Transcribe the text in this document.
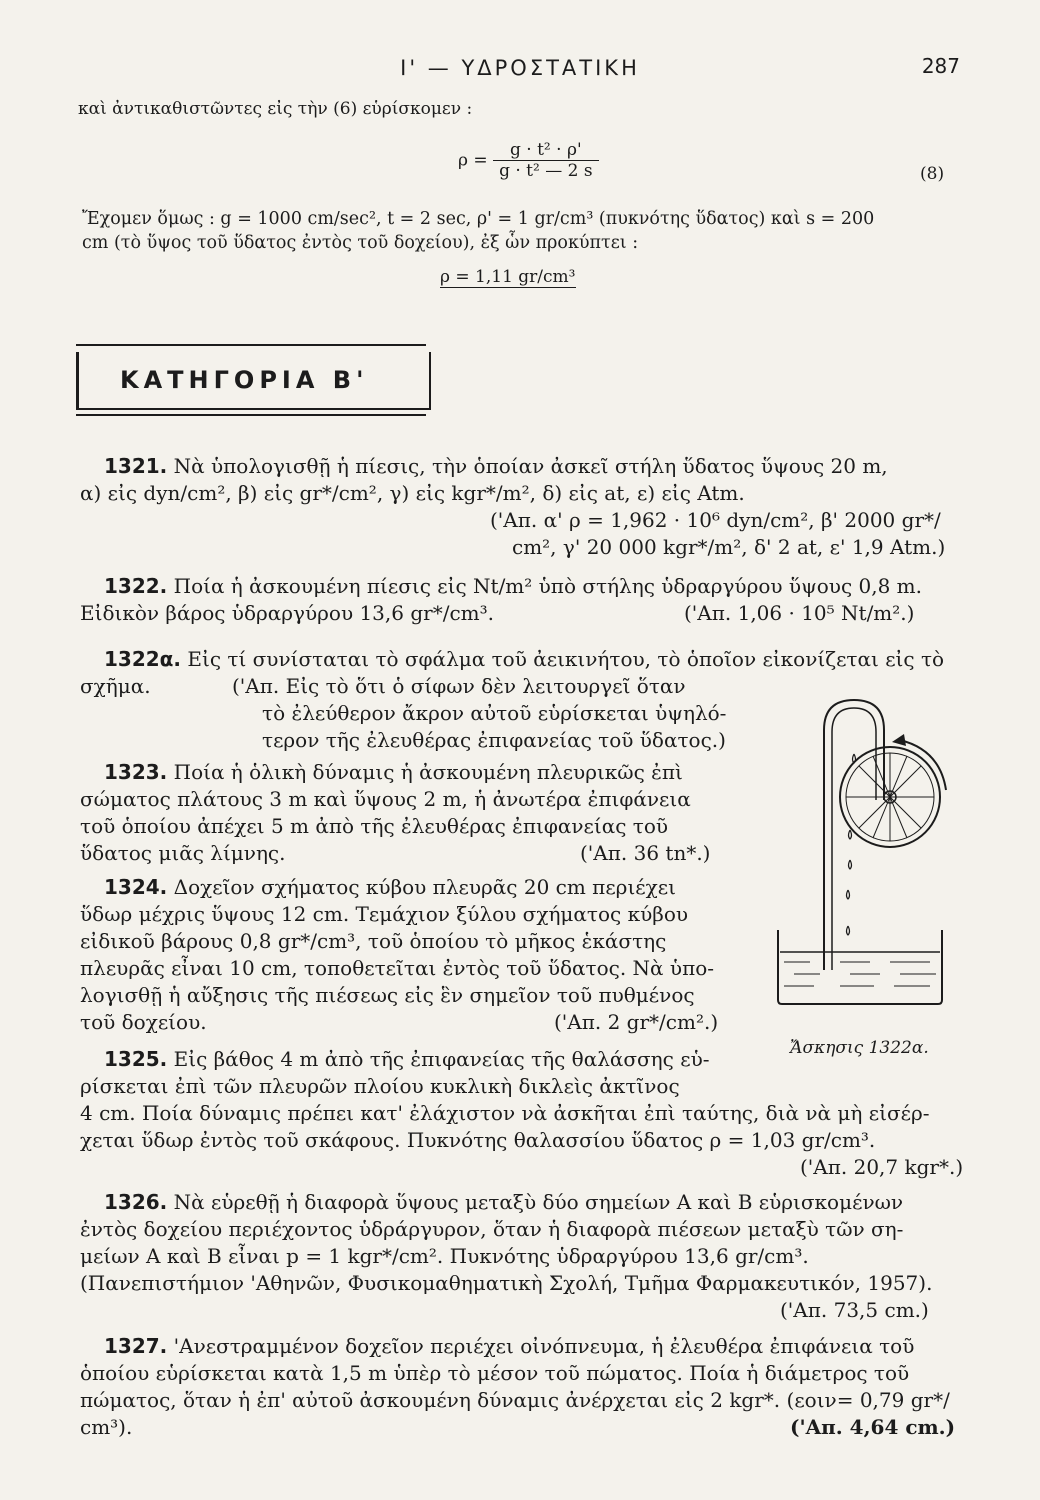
Ι' — ΥΔΡΟΣΤΑΤΙΚΗ	287
καὶ ἀντικαθιστῶντες εἰς τὴν (6) εὑρίσκομεν :
$\rho = \frac{\text{g · t² · ρ'}}{\text{g · t² — 2 s}}$	(8)
Ἔχομεν ὅμως : g = 1000 cm/sec², t = 2 sec, ρ' = 1 gr/cm³ (πυκνότης ὕδατος) καὶ s = 200
cm (τὸ ὕψος τοῦ ὕδατος ἐντὸς τοῦ δοχείου), ἐξ ὧν προκύπτει :
ρ = 1,11 gr/cm³
ΚΑΤΗΓΟΡΙΑ Β'
1321. Νὰ ὑπολογισθῇ ἡ πίεσις, τὴν ὁποίαν ἀσκεῖ στήλη ὕδατος ὕψους 20 m,
α) εἰς dyn/cm², β) εἰς gr*/cm², γ) εἰς kgr*/m², δ) εἰς at, ε) εἰς Atm.
('Απ. α' ρ = 1,962 · 10⁶ dyn/cm², β' 2000 gr*/
cm², γ' 20 000 kgr*/m², δ' 2 at, ε' 1,9 Atm.)
1322. Ποία ἡ ἀσκουμένη πίεσις εἰς Nt/m² ὑπὸ στήλης ὑδραργύρου ὕψους 0,8 m.
Εἰδικὸν βάρος ὑδραργύρου 13,6 gr*/cm³.	('Απ. 1,06 · 10⁵ Nt/m².)
1322α. Εἰς τί συνίσταται τὸ σφάλμα τοῦ ἀεικινήτου, τὸ ὁποῖον εἰκονίζεται εἰς τὸ
σχῆμα.	('Απ. Εἰς τὸ ὅτι ὁ σίφων δὲν λειτουργεῖ ὅταν
τὸ ἐλεύθερον ἄκρον αὐτοῦ εὑρίσκεται ὑψηλό-
τερον τῆς ἐλευθέρας ἐπιφανείας τοῦ ὕδατος.)
1323. Ποία ἡ ὁλικὴ δύναμις ἡ ἀσκουμένη πλευρικῶς ἐπὶ
σώματος πλάτους 3 m καὶ ὕψους 2 m, ἡ ἀνωτέρα ἐπιφάνεια
τοῦ ὁποίου ἀπέχει 5 m ἀπὸ τῆς ἐλευθέρας ἐπιφανείας τοῦ
ὕδατος μιᾶς λίμνης.	('Απ. 36 tn*.)
1324. Δοχεῖον σχήματος κύβου πλευρᾶς 20 cm περιέχει
ὕδωρ μέχρις ὕψους 12 cm. Τεμάχιον ξύλου σχήματος κύβου
εἰδικοῦ βάρους 0,8 gr*/cm³, τοῦ ὁποίου τὸ μῆκος ἑκάστης
πλευρᾶς εἶναι 10 cm, τοποθετεῖται ἐντὸς τοῦ ὕδατος. Νὰ ὑπο-
λογισθῇ ἡ αὔξησις τῆς πιέσεως εἰς ἓν σημεῖον τοῦ πυθμένος
τοῦ δοχείου.	('Απ. 2 gr*/cm².)
1325. Εἰς βάθος 4 m ἀπὸ τῆς ἐπιφανείας τῆς θαλάσσης εὑ-
ρίσκεται ἐπὶ τῶν πλευρῶν πλοίου κυκλικὴ δικλεὶς ἀκτῖνος
4 cm. Ποία δύναμις πρέπει κατ' ἐλάχιστον νὰ ἀσκῆται ἐπὶ ταύτης, διὰ νὰ μὴ εἰσέρ-
χεται ὕδωρ ἐντὸς τοῦ σκάφους. Πυκνότης θαλασσίου ὕδατος ρ = 1,03 gr/cm³.
('Απ. 20,7 kgr*.)
1326. Νὰ εὑρεθῇ ἡ διαφορὰ ὕψους μεταξὺ δύο σημείων Α καὶ Β εὑρισκομένων
ἐντὸς δοχείου περιέχοντος ὑδράργυρον, ὅταν ἡ διαφορὰ πιέσεων μεταξὺ τῶν ση-
μείων Α καὶ Β εἶναι p = 1 kgr*/cm². Πυκνότης ὑδραργύρου 13,6 gr/cm³.
(Πανεπιστήμιον 'Αθηνῶν, Φυσικομαθηματικὴ Σχολή, Τμῆμα Φαρμακευτικόν, 1957).
('Απ. 73,5 cm.)
1327. 'Ανεστραμμένον δοχεῖον περιέχει οἰνόπνευμα, ἡ ἐλευθέρα ἐπιφάνεια τοῦ
ὁποίου εὑρίσκεται κατὰ 1,5 m ὑπὲρ τὸ μέσον τοῦ πώματος. Ποία ἡ διάμετρος τοῦ
πώματος, ὅταν ἡ ἐπ' αὐτοῦ ἀσκουμένη δύναμις ἀνέρχεται εἰς 2 kgr*. (εοιν= 0,79 gr*/
cm³).	('Απ. 4,64 cm.)
Ἄσκησις 1322α.
